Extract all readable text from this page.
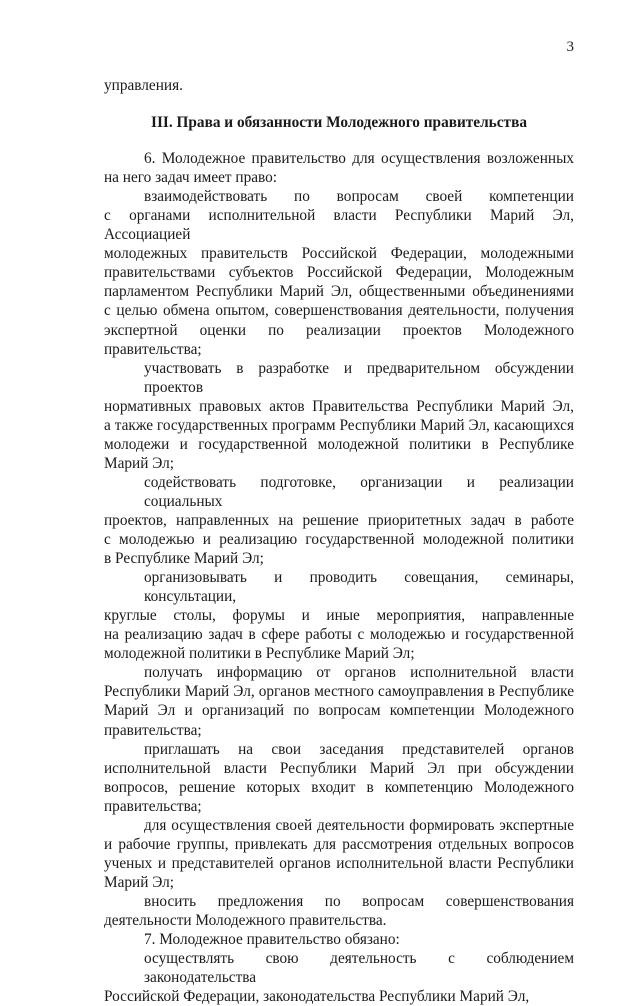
3

управления.

III. Права и обязанности Молодежного правительства

6. Молодежное правительство для осуществления возложенных
на него задач имеет право:

взаимодействовать по вопросам своей компетенции
с органами исполнительной власти Республики Марий Эл, Ассоциацией
молодежных правительств Российской Федерации, молодежными
правительствами субъектов Российской Федерации, Молодежным
парламентом Республики Марий Эл, общественными объединениями
с целью обмена опытом, совершенствования деятельности, получения
экспертной оценки по реализации проектов Молодежного
правительства;

участвовать в разработке и предварительном обсуждении проектов
нормативных правовых актов Правительства Республики Марий Эл,
а также государственных программ Республики Марий Эл, касающихся
молодежи и государственной молодежной политики в Республике
Марий Эл;

содействовать подготовке, организации и реализации социальных
проектов, направленных на решение приоритетных задач в работе
с молодежью и реализацию государственной молодежной политики
в Республике Марий Эл;

организовывать и проводить совещания, семинары, консультации,
круглые столы, форумы и иные мероприятия, направленные
на реализацию задач в сфере работы с молодежью и государственной
молодежной политики в Республике Марий Эл;

получать информацию от органов исполнительной власти
Республики Марий Эл, органов местного самоуправления в Республике
Марий Эл и организаций по вопросам компетенции Молодежного
правительства;

приглашать на свои заседания представителей органов
исполнительной власти Республики Марий Эл при обсуждении
вопросов, решение которых входит в компетенцию Молодежного
правительства;

для осуществления своей деятельности формировать экспертные
и рабочие группы, привлекать для рассмотрения отдельных вопросов
ученых и представителей органов исполнительной власти Республики
Марий Эл;

вносить предложения по вопросам совершенствования
деятельности Молодежного правительства.

7. Молодежное правительство обязано:

осуществлять свою деятельность с соблюдением законодательства
Российской Федерации, законодательства Республики Марий Эл,
